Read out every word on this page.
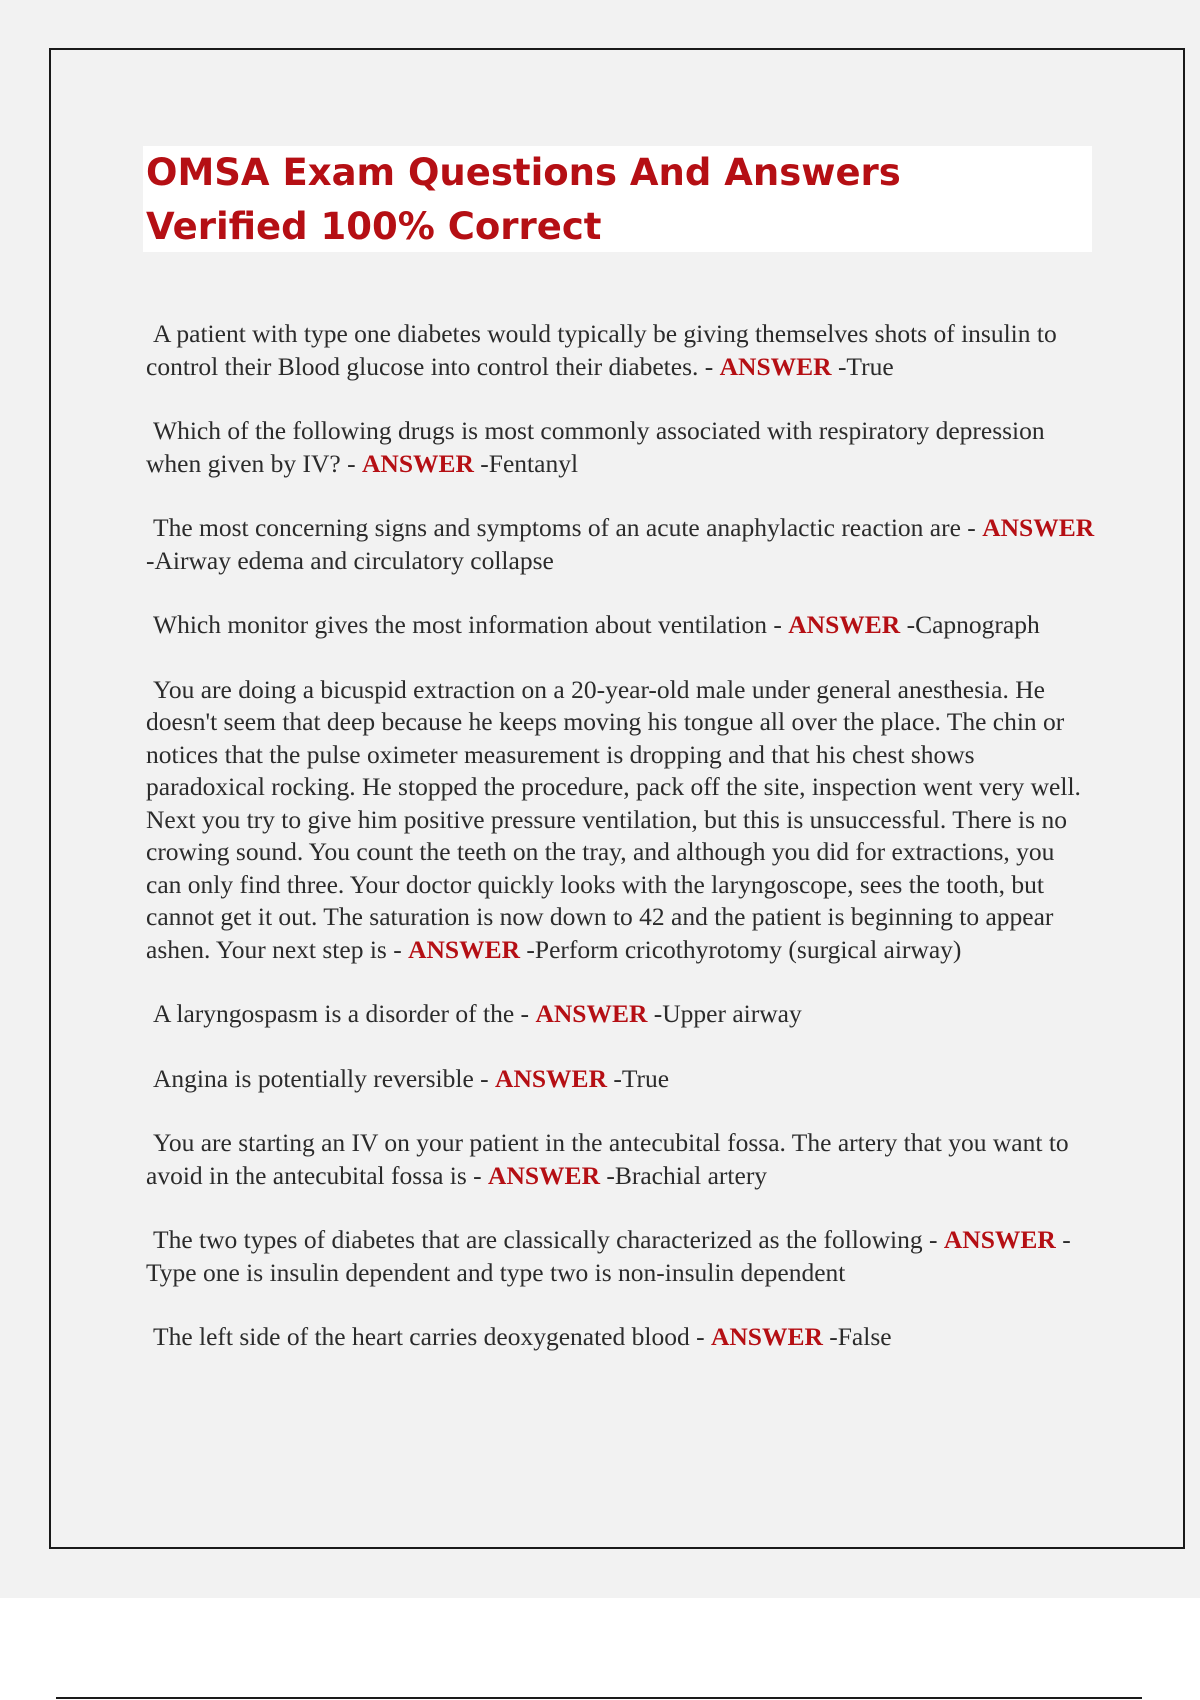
OMSA Exam Questions And Answers Verified 100% Correct
A patient with type one diabetes would typically be giving themselves shots of insulin to control their Blood glucose into control their diabetes. - ANSWER -True
Which of the following drugs is most commonly associated with respiratory depression when given by IV? - ANSWER -Fentanyl
The most concerning signs and symptoms of an acute anaphylactic reaction are - ANSWER -Airway edema and circulatory collapse
Which monitor gives the most information about ventilation - ANSWER -Capnograph
You are doing a bicuspid extraction on a 20-year-old male under general anesthesia. He doesn't seem that deep because he keeps moving his tongue all over the place. The chin or notices that the pulse oximeter measurement is dropping and that his chest shows paradoxical rocking. He stopped the procedure, pack off the site, inspection went very well. Next you try to give him positive pressure ventilation, but this is unsuccessful. There is no crowing sound. You count the teeth on the tray, and although you did for extractions, you can only find three. Your doctor quickly looks with the laryngoscope, sees the tooth, but cannot get it out. The saturation is now down to 42 and the patient is beginning to appear ashen. Your next step is - ANSWER -Perform cricothyrotomy (surgical airway)
A laryngospasm is a disorder of the - ANSWER -Upper airway
Angina is potentially reversible - ANSWER -True
You are starting an IV on your patient in the antecubital fossa. The artery that you want to avoid in the antecubital fossa is - ANSWER -Brachial artery
The two types of diabetes that are classically characterized as the following - ANSWER -Type one is insulin dependent and type two is non-insulin dependent
The left side of the heart carries deoxygenated blood - ANSWER -False
